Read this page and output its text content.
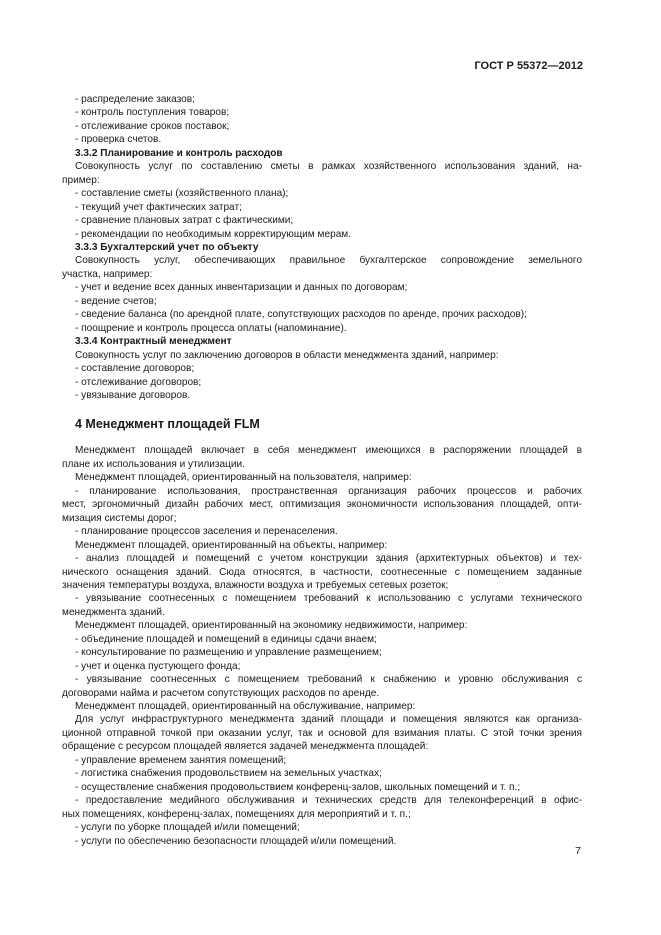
ГОСТ Р 55372—2012

- распределение заказов;

- контроль поступления товаров;

- отслеживание сроков поставок;

- проверка счетов.

3.3.2 Планирование и контроль расходов

Совокупность услуг по составлению сметы в рамках хозяйственного использования зданий, на-

пример:

- составление сметы (хозяйственного плана);

- текущий учет фактических затрат;

- сравнение плановых затрат с фактическими;

- рекомендации по необходимым корректирующим мерам.

3.3.3 Бухгалтерский учет по объекту

Совокупность услуг, обеспечивающих правильное бухгалтерское сопровождение земельного

участка, например:

- учет и ведение всех данных инвентаризации и данных по договорам;

- ведение счетов;

- сведение баланса (по арендной плате, сопутствующих расходов по аренде, прочих расходов);

- поощрение и контроль процесса оплаты (напоминание).

3.3.4 Контрактный менеджмент

Совокупность услуг по заключению договоров в области менеджмента зданий, например:

- составление договоров;

- отслеживание договоров;

- увязывание договоров.

4 Менеджмент площадей FLM

Менеджмент площадей включает в себя менеджмент имеющихся в распоряжении площадей в

плане их использования и утилизации.

Менеджмент площадей, ориентированный на пользователя, например:

- планирование использования, пространственная организация рабочих процессов и рабочих

мест, эргономичный дизайн рабочих мест, оптимизация экономичности использования площадей, опти-

мизация системы дорог;

- планирование процессов заселения и перенаселения.

Менеджмент площадей, ориентированный на объекты, например:

- анализ площадей и помещений с учетом конструкции здания (архитектурных объектов) и тех-

нического оснащения зданий. Сюда относятся, в частности, соотнесенные с помещением заданные

значения температуры воздуха, влажности воздуха и требуемых сетевых розеток;

- увязывание соотнесенных с помещением требований к использованию с услугами технического

менеджмента зданий.

Менеджмент площадей, ориентированный на экономику недвижимости, например:

- объединение площадей и помещений в единицы сдачи внаем;

- консультирование по размещению и управление размещением;

- учет и оценка пустующего фонда;

- увязывание соотнесенных с помещением требований к снабжению и уровню обслуживания с

договорами найма и расчетом сопутствующих расходов по аренде.

Менеджмент площадей, ориентированный на обслуживание, например:

Для услуг инфраструктурного менеджмента зданий площади и помещения являются как организа-

ционной отправной точкой при оказании услуг, так и основой для взимания платы. С этой точки зрения

обращение с ресурсом площадей является задачей менеджмента площадей:

- управление временем занятия помещений;

- логистика снабжения продовольствием на земельных участках;

- осуществление снабжения продовольствием конференц-залов, школьных помещений и т. п.;

- предоставление медийного обслуживания и технических средств для телеконференций в офис-

ных помещениях, конференц-залах, помещениях для мероприятий и т. п.;

- услуги по уборке площадей и/или помещений;

- услуги по обеспечению безопасности площадей и/или помещений.

7
